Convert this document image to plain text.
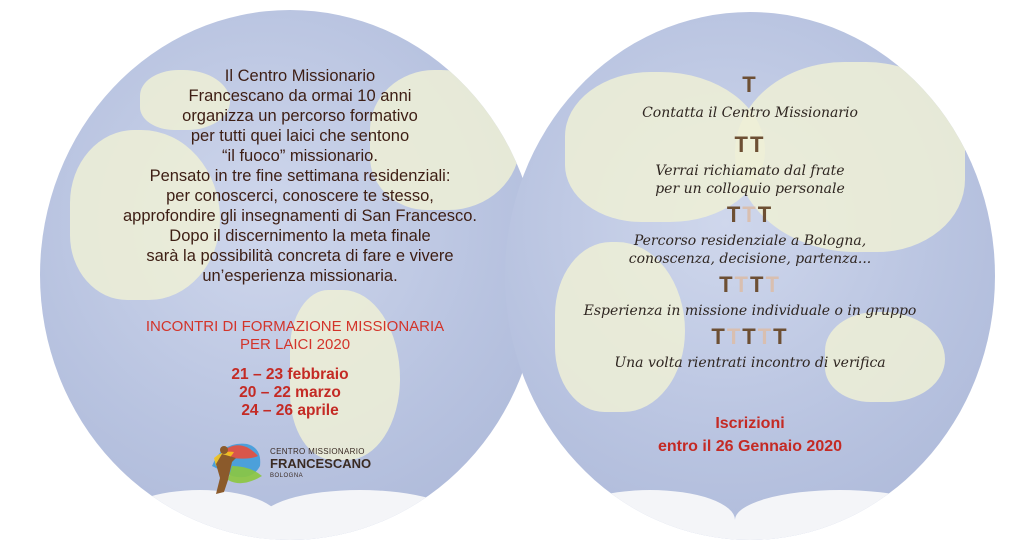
Il Centro Missionario
Francescano da ormai 10 anni
organizza un percorso formativo
per tutti quei laici che sentono
“il fuoco” missionario.
Pensato in tre fine settimana residenziali:
per conoscerci, conoscere te stesso,
approfondire gli insegnamenti di San Francesco.
Dopo il discernimento la meta finale
sarà la possibilità concreta di fare e vivere
un’esperienza missionaria.
INCONTRI DI FORMAZIONE MISSIONARIA
PER LAICI 2020
21 – 23 febbraio
20 – 22 marzo
24 – 26 aprile
CENTRO MISSIONARIO
FRANCESCANO
BOLOGNA
T
Contatta il Centro Missionario
TT
Verrai richiamato dal frate
per un colloquio personale
TTT
Percorso residenziale a Bologna,
conoscenza, decisione, partenza...
TTTT
Esperienza in missione individuale o in gruppo
TTTTT
Una volta rientrati incontro di verifica
Iscrizioni
entro il 26 Gennaio 2020
